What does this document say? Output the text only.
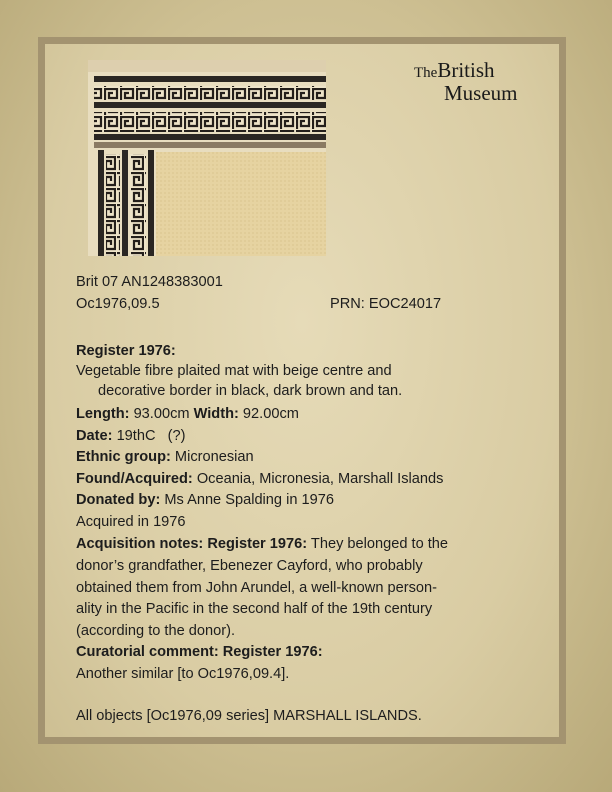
TheBritish
Museum
Brit 07 AN1248383001
Oc1976,09.5	PRN: EOC24017
Register 1976:
Vegetable fibre plaited mat with beige centre and
decorative border in black, dark brown and tan.
Length: 93.00cm Width: 92.00cm
Date: 19thC   (?)
Ethnic group: Micronesian
Found/Acquired: Oceania, Micronesia, Marshall Islands
Donated by: Ms Anne Spalding in 1976
Acquired in 1976
Acquisition notes: Register 1976: They belonged to the
donor’s grandfather, Ebenezer Cayford, who probably
obtained them from John Arundel, a well-known person-
ality in the Pacific in the second half of the 19th century
(according to the donor).
Curatorial comment: Register 1976:
Another similar [to Oc1976,09.4].
All objects [Oc1976,09 series] MARSHALL ISLANDS.
